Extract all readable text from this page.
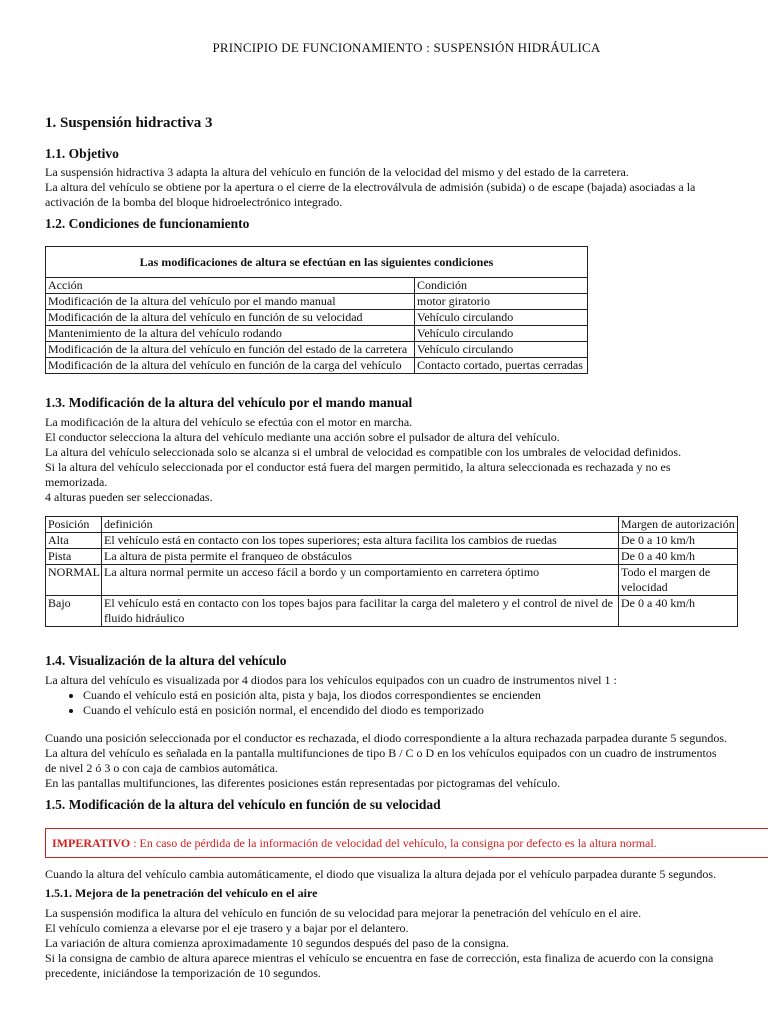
PRINCIPIO DE FUNCIONAMIENTO : SUSPENSIÓN HIDRÁULICA
1. Suspensión hidractiva 3
1.1. Objetivo

La suspensión hidractiva 3 adapta la altura del vehículo en función de la velocidad del mismo y del estado de la carretera.

La altura del vehículo se obtiene por la apertura o el cierre de la electroválvula de admisión (subida) o de escape (bajada) asociadas a la

activación de la bomba del bloque hidroelectrónico integrado.

1.2. Condiciones de funcionamiento
Las modificaciones de altura se efectúan en las siguientes condiciones	
Acción	Condición
Modificación de la altura del vehículo por el mando manual	motor giratorio
Modificación de la altura del vehículo en función de su velocidad	Vehículo circulando
Mantenimiento de la altura del vehículo rodando	Vehículo circulando
Modificación de la altura del vehículo en función del estado de la carretera	Vehículo circulando
Modificación de la altura del vehículo en función de la carga del vehículo	Contacto cortado, puertas cerradas
1.3. Modificación de la altura del vehículo por el mando manual

La modificación de la altura del vehículo se efectúa con el motor en marcha.

El conductor selecciona la altura del vehículo mediante una acción sobre el pulsador de altura del vehículo.

La altura del vehículo seleccionada solo se alcanza si el umbral de velocidad es compatible con los umbrales de velocidad definidos.

Si la altura del vehículo seleccionada por el conductor está fuera del margen permitido, la altura seleccionada es rechazada y no es

memorizada.

4 alturas pueden ser seleccionadas.

Posición	definición	Margen de autorización
Alta	El vehículo está en contacto con los topes superiores; esta altura facilita los cambios de ruedas	De 0 a 10 km/h
Pista	La altura de pista permite el franqueo de obstáculos	De 0 a 40 km/h
NORMAL	La altura normal permite un acceso fácil a bordo y un comportamiento en carretera óptimo	Todo el margen de velocidad
Bajo	El vehículo está en contacto con los topes bajos para facilitar la carga del maletero y el control de nivel de fluido hidráulico	De 0 a 40 km/h
1.4. Visualización de la altura del vehículo
La altura del vehículo es visualizada por 4 diodos para los vehículos equipados con un cuadro de instrumentos nivel 1 :
• Cuando el vehículo está en posición alta, pista y baja, los diodos correspondientes se encienden
• Cuando el vehículo está en posición normal, el encendido del diodo es temporizado

Cuando una posición seleccionada por el conductor es rechazada, el diodo correspondiente a la altura rechazada parpadea durante 5 segundos.

La altura del vehículo es señalada en la pantalla multifunciones de tipo B / C o D en los vehículos equipados con un cuadro de instrumentos

de nivel 2 ó 3 o con caja de cambios automática.

En las pantallas multifunciones, las diferentes posiciones están representadas por pictogramas del vehículo.

1.5. Modificación de la altura del vehículo en función de su velocidad
IMPERATIVO : En caso de pérdida de la información de velocidad del vehículo, la consigna por defecto es la altura normal.
Cuando la altura del vehículo cambia automáticamente, el diodo que visualiza la altura dejada por el vehículo parpadea durante 5 segundos.
1.5.1. Mejora de la penetración del vehículo en el aire

La suspensión modifica la altura del vehículo en función de su velocidad para mejorar la penetración del vehículo en el aire.

El vehículo comienza a elevarse por el eje trasero y a bajar por el delantero.

La variación de altura comienza aproximadamente 10 segundos después del paso de la consigna.

Si la consigna de cambio de altura aparece mientras el vehículo se encuentra en fase de corrección, esta finaliza de acuerdo con la consigna

precedente, iniciándose la temporización de 10 segundos.
